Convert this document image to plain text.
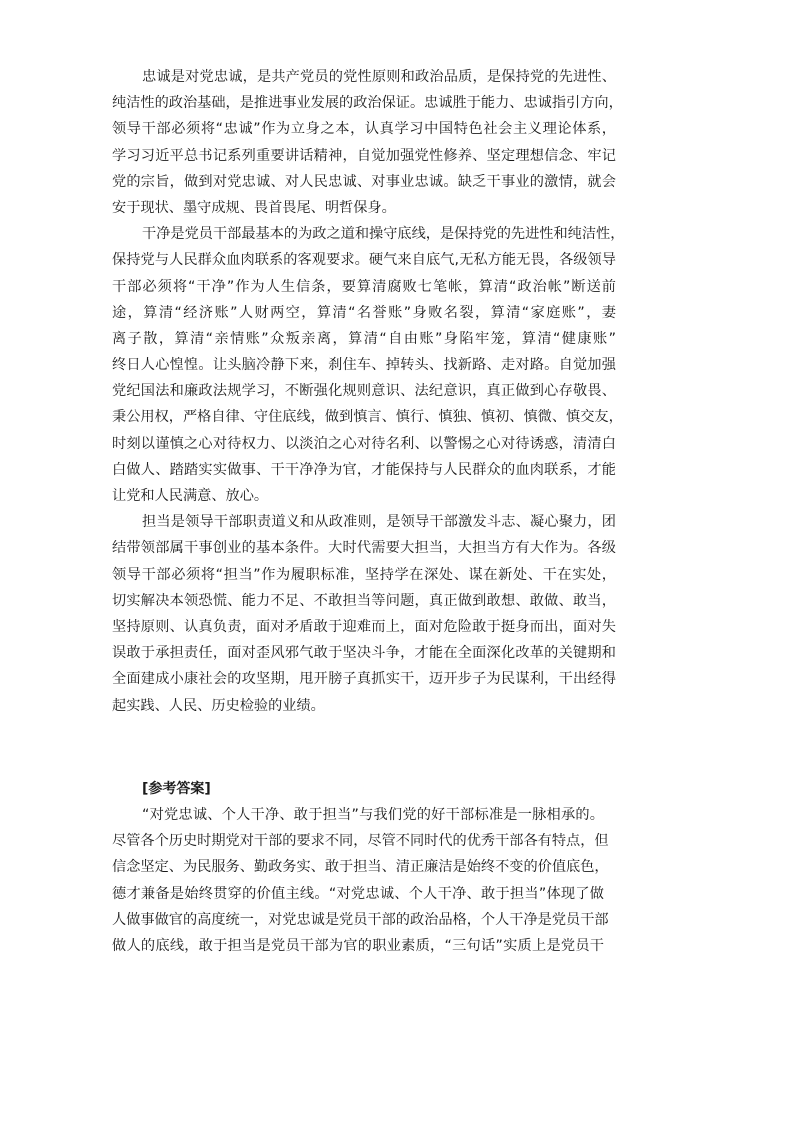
忠诚是对党忠诚，是共产党员的党性原则和政治品质，是保持党的先进性、
纯洁性的政治基础，是推进事业发展的政治保证。忠诚胜于能力、忠诚指引方向，
领导干部必须将“忠诚”作为立身之本，认真学习中国特色社会主义理论体系，
学习习近平总书记系列重要讲话精神，自觉加强党性修养、坚定理想信念、牢记
党的宗旨，做到对党忠诚、对人民忠诚、对事业忠诚。缺乏干事业的激情，就会
安于现状、墨守成规、畏首畏尾、明哲保身。
干净是党员干部最基本的为政之道和操守底线，是保持党的先进性和纯洁性，
保持党与人民群众血肉联系的客观要求。硬气来自底气,无私方能无畏，各级领导
干部必须将“干净”作为人生信条，要算清腐败七笔帐，算清“政治帐”断送前
途，算清“经济账”人财两空，算清“名誉账”身败名裂，算清“家庭账”，妻
离子散，算清“亲情账”众叛亲离，算清“自由账”身陷牢笼，算清“健康账”
终日人心惶惶。让头脑冷静下来，刹住车、掉转头、找新路、走对路。自觉加强
党纪国法和廉政法规学习，不断强化规则意识、法纪意识，真正做到心存敬畏、
秉公用权，严格自律、守住底线，做到慎言、慎行、慎独、慎初、慎微、慎交友，
时刻以谨慎之心对待权力、以淡泊之心对待名利、以警惕之心对待诱惑，清清白
白做人、踏踏实实做事、干干净净为官，才能保持与人民群众的血肉联系，才能
让党和人民满意、放心。
担当是领导干部职责道义和从政准则，是领导干部激发斗志、凝心聚力，团
结带领部属干事创业的基本条件。大时代需要大担当，大担当方有大作为。各级
领导干部必须将“担当”作为履职标准，坚持学在深处、谋在新处、干在实处，
切实解决本领恐慌、能力不足、不敢担当等问题，真正做到敢想、敢做、敢当，
坚持原则、认真负责，面对矛盾敢于迎难而上，面对危险敢于挺身而出，面对失
误敢于承担责任，面对歪风邪气敢于坚决斗争，才能在全面深化改革的关键期和
全面建成小康社会的攻坚期，甩开膀子真抓实干，迈开步子为民谋利，干出经得
起实践、人民、历史检验的业绩。
[参考答案]
“对党忠诚、个人干净、敢于担当”与我们党的好干部标准是一脉相承的。
尽管各个历史时期党对干部的要求不同，尽管不同时代的优秀干部各有特点，但
信念坚定、为民服务、勤政务实、敢于担当、清正廉洁是始终不变的价值底色，
德才兼备是始终贯穿的价值主线。“对党忠诚、个人干净、敢于担当”体现了做
人做事做官的高度统一，对党忠诚是党员干部的政治品格，个人干净是党员干部
做人的底线，敢于担当是党员干部为官的职业素质，“三句话”实质上是党员干
